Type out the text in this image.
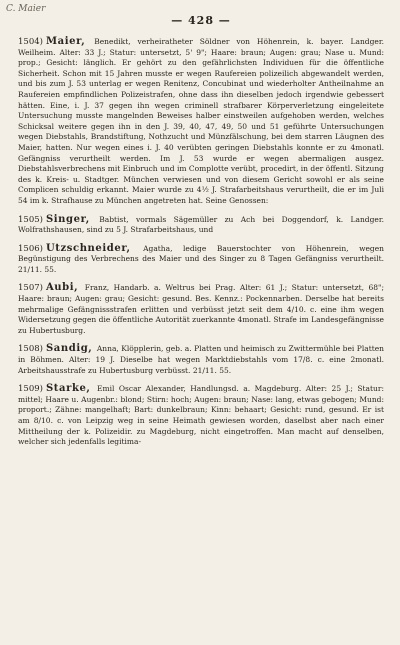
C. Maier
— 428 —

1504) Maier, Benedikt, verheiratheter Söldner von Höhenrein, k. bayer. Landger. Weilheim. Alter: 33 J.; Statur: untersetzt, 5' 9"; Haare: braun; Augen: grau; Nase u. Mund: prop.; Gesicht: länglich. Er gehört zu den gefährlichsten Individuen für die öffentliche Sicherheit. Schon mit 15 Jahren musste er wegen Raufereien polizeilich abgewandelt werden, und bis zum J. 53 unterlag er wegen Renitenz, Concubinat und wiederholter Antheilnahme an Raufereien empfindlichen Polizeistrafen, ohne dass ihn dieselben jedoch irgendwie gebessert hätten. Eine, i. J. 37 gegen ihn wegen criminell strafbarer Körperverletzung eingeleitete Untersuchung musste mangelnden Beweises halber einstweilen aufgehoben werden, welches Schicksal weitere gegen ihn in den J. 39, 40, 47, 49, 50 und 51 geführte Untersuchungen wegen Diebstahls, Brandstiftung, Nothzucht und Münzfälschung, bei dem starren Läugnen des Maier, hatten. Nur wegen eines i. J. 40 verübten geringen Diebstahls konnte er zu 4monatl. Gefängniss verurtheilt werden. Im J. 53 wurde er wegen abermaligen ausgez. Diebstahlsverbrechens mit Einbruch und im Complotte verübt, procedirt, in der öffentl. Sitzung des k. Kreis- u. Stadtger. München verwiesen und von diesem Gericht sowohl er als seine Complicen schuldig erkannt. Maier wurde zu 4½ J. Strafarbeitshaus verurtheilt, die er im Juli 54 im k. Strafhause zu München angetreten hat. Seine Genossen:

1505) Singer, Babtist, vormals Sägemüller zu Ach bei Doggendorf, k. Landger. Wolfrathshausen, sind zu 5 J. Strafarbeitshaus, und

1506) Utzschneider, Agatha, ledige Bauerstochter von Höhenrein, wegen Begünstigung des Verbrechens des Maier und des Singer zu 8 Tagen Gefängniss verurtheilt. 21/11. 55.

1507) Aubi, Franz, Handarb. a. Weltrus bei Prag. Alter: 61 J.; Statur: untersetzt, 68"; Haare: braun; Augen: grau; Gesicht: gesund. Bes. Kennz.: Pockennarben. Derselbe hat bereits mehrmalige Gefängnissstrafen erlitten und verbüsst jetzt seit dem 4/10. c. eine ihm wegen Widersetzung gegen die öffentliche Autorität zuerkannte 4monatl. Strafe im Landesgefängnisse zu Hubertusburg.

1508) Sandig, Anna, Klöpplerin, geb. a. Platten und heimisch zu Zwittermühle bei Platten in Böhmen. Alter: 19 J. Dieselbe hat wegen Marktdiebstahls vom 17/8. c. eine 2monatl. Arbeitshausstrafe zu Hubertusburg verbüsst. 21/11. 55.

1509) Starke, Emil Oscar Alexander, Handlungsd. a. Magdeburg. Alter: 25 J.; Statur: mittel; Haare u. Augenbr.: blond; Stirn: hoch; Augen: braun; Nase: lang, etwas gebogen; Mund: proport.; Zähne: mangelhaft; Bart: dunkelbraun; Kinn: behaart; Gesicht: rund, gesund. Er ist am 8/10. c. von Leipzig weg in seine Heimath gewiesen worden, daselbst aber nach einer Mittheilung der k. Polizeidir. zu Magdeburg, nicht eingetroffen. Man macht auf denselben, welcher sich jedenfalls legitima-
